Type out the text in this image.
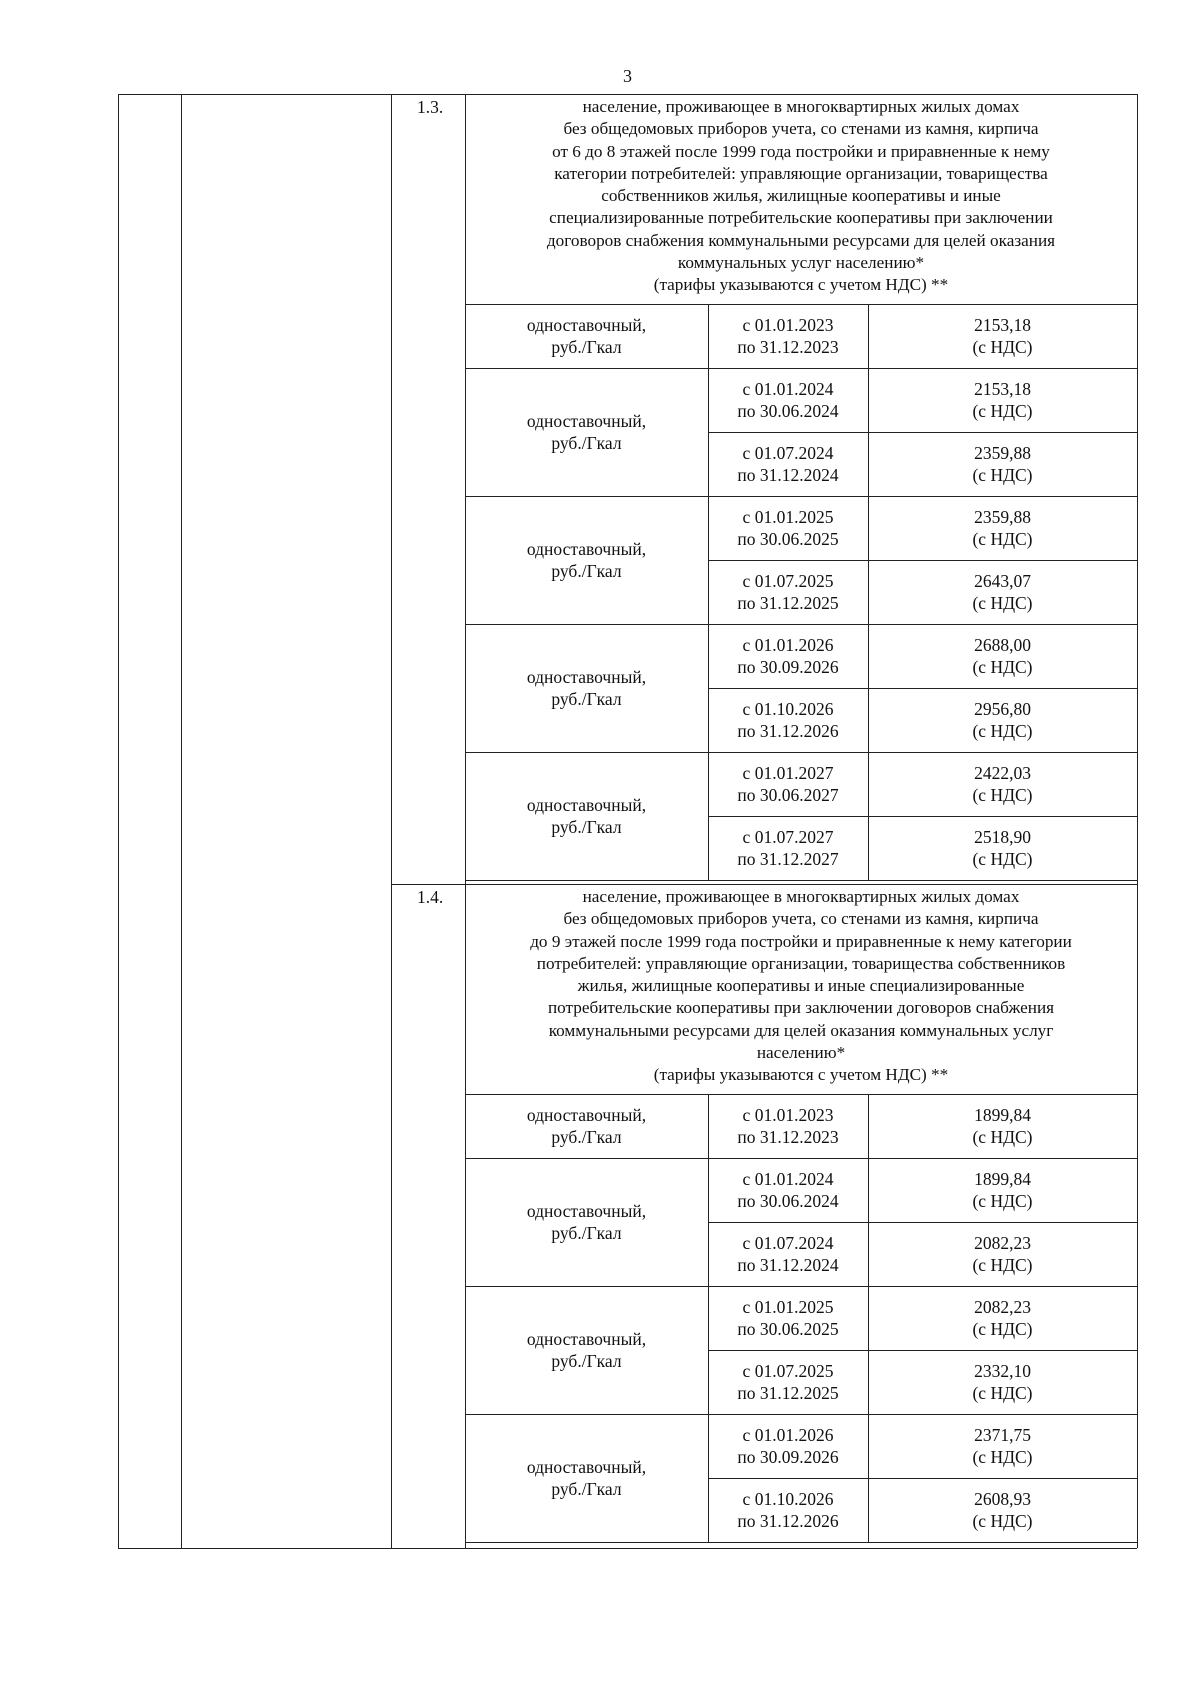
3
1.3.	население, проживающее в многоквартирных жилых домах
без общедомовых приборов учета, со стенами из камня, кирпича
от 6 до 8 этажей после 1999 года постройки и приравненные к нему
категории потребителей: управляющие организации, товарищества
собственников жилья, жилищные кооперативы и иные
специализированные потребительские кооперативы при заключении
договоров снабжения коммунальными ресурсами для целей оказания
коммунальных услуг населению*
(тарифы указываются с учетом НДС) **
одноставочный,
руб./Гкал
с 01.01.2023
по 31.12.2023
2153,18
(с НДС)
одноставочный,
руб./Гкал
с 01.01.2024
по 30.06.2024
2153,18
(с НДС)
с 01.07.2024
по 31.12.2024
2359,88
(с НДС)
одноставочный,
руб./Гкал
с 01.01.2025
по 30.06.2025
2359,88
(с НДС)
с 01.07.2025
по 31.12.2025
2643,07
(с НДС)
одноставочный,
руб./Гкал
с 01.01.2026
по 30.09.2026
2688,00
(с НДС)
с 01.10.2026
по 31.12.2026
2956,80
(с НДС)
одноставочный,
руб./Гкал
с 01.01.2027
по 30.06.2027
2422,03
(с НДС)
с 01.07.2027
по 31.12.2027
2518,90
(с НДС)
1.4.	население, проживающее в многоквартирных жилых домах
без общедомовых приборов учета, со стенами из камня, кирпича
до 9 этажей после 1999 года постройки и приравненные к нему категории
потребителей: управляющие организации, товарищества собственников
жилья, жилищные кооперативы и иные специализированные
потребительские кооперативы при заключении договоров снабжения
коммунальными ресурсами для целей оказания коммунальных услуг
населению*
(тарифы указываются с учетом НДС) **
одноставочный,
руб./Гкал
с 01.01.2023
по 31.12.2023
1899,84
(с НДС)
одноставочный,
руб./Гкал
с 01.01.2024
по 30.06.2024
1899,84
(с НДС)
с 01.07.2024
по 31.12.2024
2082,23
(с НДС)
одноставочный,
руб./Гкал
с 01.01.2025
по 30.06.2025
2082,23
(с НДС)
с 01.07.2025
по 31.12.2025
2332,10
(с НДС)
одноставочный,
руб./Гкал
с 01.01.2026
по 30.09.2026
2371,75
(с НДС)
с 01.10.2026
по 31.12.2026
2608,93
(с НДС)
